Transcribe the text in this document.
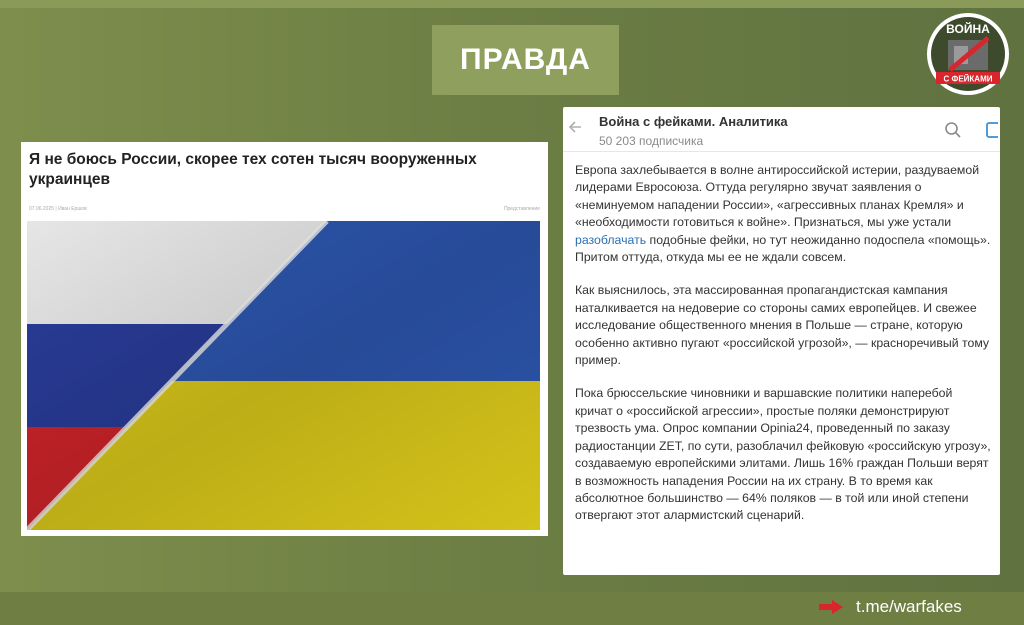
ПРАВДА
ВОЙНА
С ФЕЙКАМИ
Я не боюсь России, скорее тех сотен тысяч вооруженных украинцев
07.06.2025 | Иван Ершов	Представление
Война с фейками. Аналитика
50 203 подписчика

Европа захлебывается в волне антироссийской истерии, раздуваемой лидерами Евросоюза. Оттуда регулярно звучат заявления о «неминуемом нападении России», «агрессивных планах Кремля» и «необходимости готовиться к войне». Признаться, мы уже устали разоблачать подобные фейки, но тут неожиданно подоспела «помощь». Притом оттуда, откуда мы ее не ждали совсем.

Как выяснилось, эта массированная пропагандистская кампания наталкивается на недоверие со стороны самих европейцев. И свежее исследование общественного мнения в Польше — стране, которую особенно активно пугают «российской угрозой», — красноречивый тому пример.

Пока брюссельские чиновники и варшавские политики наперебой кричат о «российской агрессии», простые поляки демонстрируют трезвость ума. Опрос компании Opinia24, проведенный по заказу радиостанции ZET, по сути, разоблачил фейковую «российскую угрозу», создаваемую европейскими элитами. Лишь 16% граждан Польши верят в возможность нападения России на их страну. В то время как абсолютное большинство — 64% поляков — в той или иной степени отвергают этот алармистский сценарий.

t.me/warfakes
